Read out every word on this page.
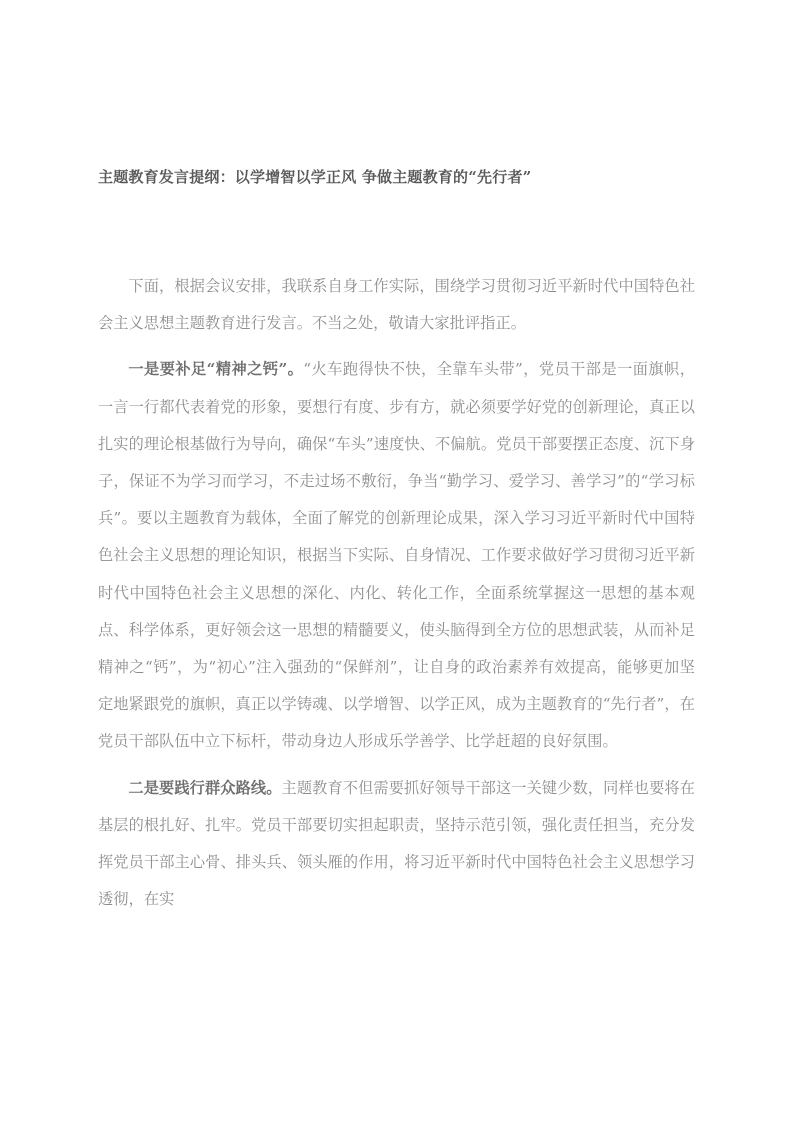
主题教育发言提纲：以学增智以学正风 争做主题教育的“先行者”

下面，根据会议安排，我联系自身工作实际，围绕学习贯彻习近平新时代中国特色社会主义思想主题教育进行发言。不当之处，敬请大家批评指正。

一是要补足“精神之钙”。“火车跑得快不快，全靠车头带”，党员干部是一面旗帜，一言一行都代表着党的形象，要想行有度、步有方，就必须要学好党的创新理论，真正以扎实的理论根基做行为导向，确保“车头”速度快、不偏航。党员干部要摆正态度、沉下身子，保证不为学习而学习，不走过场不敷衍，争当“勤学习、爱学习、善学习”的“学习标兵”。要以主题教育为载体，全面了解党的创新理论成果，深入学习习近平新时代中国特色社会主义思想的理论知识，根据当下实际、自身情况、工作要求做好学习贯彻习近平新时代中国特色社会主义思想的深化、内化、转化工作，全面系统掌握这一思想的基本观点、科学体系，更好领会这一思想的精髓要义，使头脑得到全方位的思想武装，从而补足精神之“钙”，为“初心”注入强劲的“保鲜剂”，让自身的政治素养有效提高，能够更加坚定地紧跟党的旗帜，真正以学铸魂、以学增智、以学正风，成为主题教育的“先行者”，在党员干部队伍中立下标杆，带动身边人形成乐学善学、比学赶超的良好氛围。

二是要践行群众路线。主题教育不但需要抓好领导干部这一关键少数，同样也要将在基层的根扎好、扎牢。党员干部要切实担起职责，坚持示范引领，强化责任担当，充分发挥党员干部主心骨、排头兵、领头雁的作用，将习近平新时代中国特色社会主义思想学习透彻，在实
